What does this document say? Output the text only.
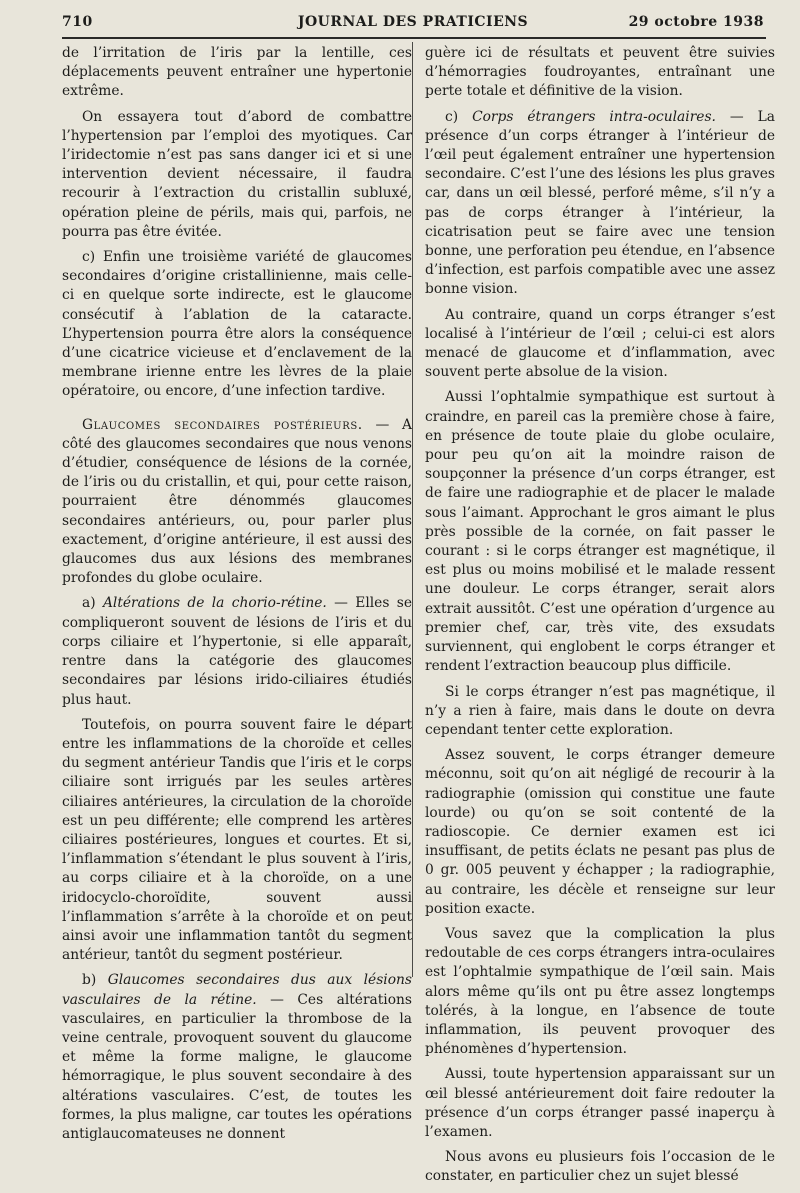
710	JOURNAL DES PRATICIENS	29 octobre 1938

de l’irritation de l’iris par la lentille, ces déplacements peuvent entraîner une hypertonie extrême.

On essayera tout d’abord de combattre l’hypertension par l’emploi des myotiques. Car l’iridectomie n’est pas sans danger ici et si une intervention devient nécessaire, il faudra recourir à l’extraction du cristallin subluxé, opération pleine de périls, mais qui, parfois, ne pourra pas être évitée.

c) Enfin une troisième variété de glaucomes secondaires d’origine cristallinienne, mais celle-ci en quelque sorte indirecte, est le glaucome consécutif à l’ablation de la cataracte. L’hypertension pourra être alors la conséquence d’une cicatrice vicieuse et d’enclavement de la membrane irienne entre les lèvres de la plaie opératoire, ou encore, d’une infection tardive.

Glaucomes secondaires postérieurs. — A côté des glaucomes secondaires que nous venons d’étudier, conséquence de lésions de la cornée, de l’iris ou du cristallin, et qui, pour cette raison, pourraient être dénommés glaucomes secondaires antérieurs, ou, pour parler plus exactement, d’origine antérieure, il est aussi des glaucomes dus aux lésions des membranes profondes du globe oculaire.

a) Altérations de la chorio-rétine. — Elles se compliqueront souvent de lésions de l’iris et du corps ciliaire et l’hypertonie, si elle apparaît, rentre dans la catégorie des glaucomes secondaires par lésions irido-ciliaires étudiés plus haut.

Toutefois, on pourra souvent faire le départ entre les inflammations de la choroïde et celles du segment antérieur Tandis que l’iris et le corps ciliaire sont irrigués par les seules artères ciliaires antérieures, la circulation de la choroïde est un peu différente; elle comprend les artères ciliaires postérieures, longues et courtes. Et si, l’inflammation s’étendant le plus souvent à l’iris, au corps ciliaire et à la choroïde, on a une iridocyclo-choroïdite, souvent aussi l’inflammation s’arrête à la choroïde et on peut ainsi avoir une inflammation tantôt du segment antérieur, tantôt du segment postérieur.

b) Glaucomes secondaires dus aux lésions vasculaires de la rétine. — Ces altérations vasculaires, en particulier la thrombose de la veine centrale, provoquent souvent du glaucome et même la forme maligne, le glaucome hémorragique, le plus souvent secondaire à des altérations vasculaires. C’est, de toutes les formes, la plus maligne, car toutes les opérations antiglaucomateuses ne donnent

guère ici de résultats et peuvent être suivies d’hémorragies foudroyantes, entraînant une perte totale et définitive de la vision.

c) Corps étrangers intra-oculaires. — La présence d’un corps étranger à l’intérieur de l’œil peut également entraîner une hypertension secondaire. C’est l’une des lésions les plus graves car, dans un œil blessé, perforé même, s’il n’y a pas de corps étranger à l’intérieur, la cicatrisation peut se faire avec une tension bonne, une perforation peu étendue, en l’absence d’infection, est parfois compatible avec une assez bonne vision.

Au contraire, quand un corps étranger s’est localisé à l’intérieur de l’œil ; celui-ci est alors menacé de glaucome et d’inflammation, avec souvent perte absolue de la vision.

Aussi l’ophtalmie sympathique est surtout à craindre, en pareil cas la première chose à faire, en présence de toute plaie du globe oculaire, pour peu qu’on ait la moindre raison de soupçonner la présence d’un corps étranger, est de faire une radiographie et de placer le malade sous l’aimant. Approchant le gros aimant le plus près possible de la cornée, on fait passer le courant : si le corps étranger est magnétique, il est plus ou moins mobilisé et le malade ressent une douleur. Le corps étranger, serait alors extrait aussitôt. C’est une opération d’urgence au premier chef, car, très vite, des exsudats surviennent, qui englobent le corps étranger et rendent l’extraction beaucoup plus difficile.

Si le corps étranger n’est pas magnétique, il n’y a rien à faire, mais dans le doute on devra cependant tenter cette exploration.

Assez souvent, le corps étranger demeure méconnu, soit qu’on ait négligé de recourir à la radiographie (omission qui constitue une faute lourde) ou qu’on se soit contenté de la radioscopie. Ce dernier examen est ici insuffisant, de petits éclats ne pesant pas plus de 0 gr. 005 peuvent y échapper ; la radiographie, au contraire, les décèle et renseigne sur leur position exacte.

Vous savez que la complication la plus redoutable de ces corps étrangers intra-oculaires est l’ophtalmie sympathique de l’œil sain. Mais alors même qu’ils ont pu être assez longtemps tolérés, à la longue, en l’absence de toute inflammation, ils peuvent provoquer des phénomènes d’hypertension.

Aussi, toute hypertension apparaissant sur un œil blessé antérieurement doit faire redouter la présence d’un corps étranger passé inaperçu à l’examen.

Nous avons eu plusieurs fois l’occasion de le constater, en particulier chez un sujet blessé
